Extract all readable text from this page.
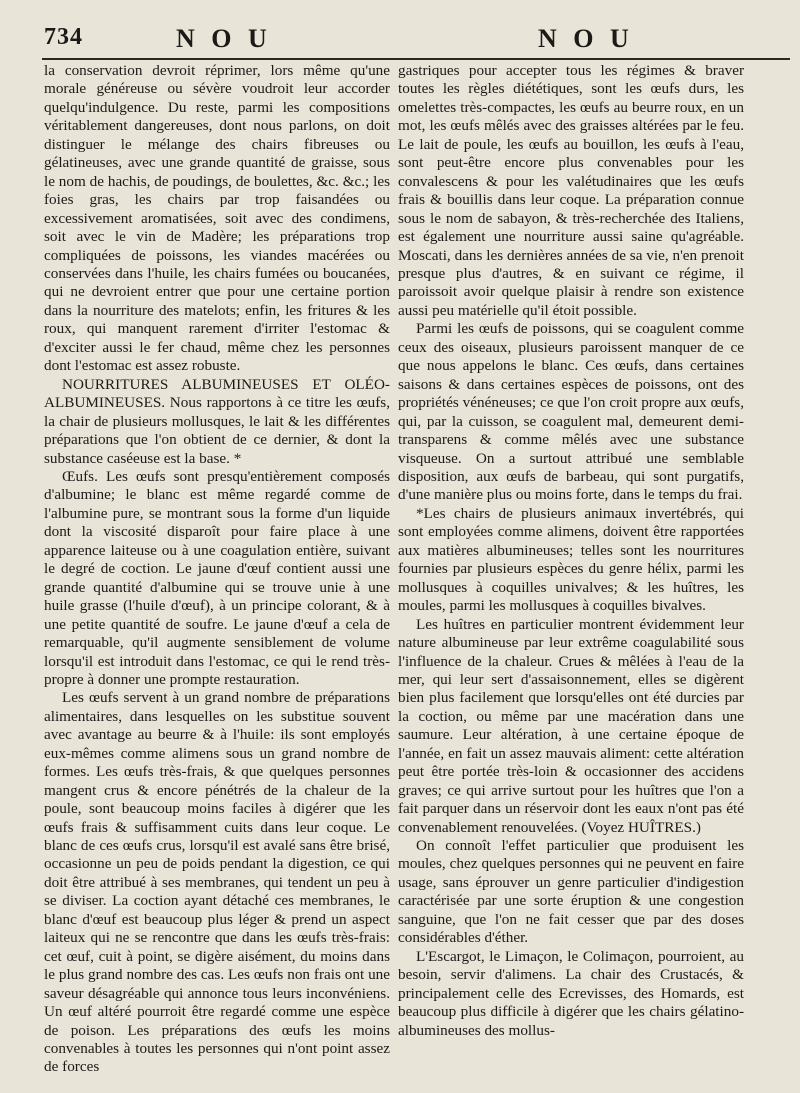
734	N O U	N O U

la conservation devroit réprimer, lors même qu'une morale généreuse ou sévère voudroit leur accorder quelqu'indulgence. Du reste, parmi les compositions véritablement dangereuses, dont nous parlons, on doit distinguer le mélange des chairs fibreuses ou gélatineuses, avec une grande quantité de graisse, sous le nom de hachis, de poudings, de boulettes, &c. &c.; les foies gras, les chairs par trop faisandées ou excessivement aromatisées, soit avec des condimens, soit avec le vin de Madère; les préparations trop compliquées de poissons, les viandes macérées ou conservées dans l'huile, les chairs fumées ou boucanées, qui ne devroient entrer que pour une certaine portion dans la nourriture des matelots; enfin, les fritures & les roux, qui manquent rarement d'irriter l'estomac & d'exciter aussi le fer chaud, même chez les personnes dont l'estomac est assez robuste.

NOURRITURES ALBUMINEUSES ET OLÉO-ALBUMINEUSES. Nous rapportons à ce titre les œufs, la chair de plusieurs mollusques, le lait & les différentes préparations que l'on obtient de ce dernier, & dont la substance caséeuse est la base. *

Œufs. Les œufs sont presqu'entièrement composés d'albumine; le blanc est même regardé comme de l'albumine pure, se montrant sous la forme d'un liquide dont la viscosité disparoît pour faire place à une apparence laiteuse ou à une coagulation entière, suivant le degré de coction. Le jaune d'œuf contient aussi une grande quantité d'albumine qui se trouve unie à une huile grasse (l'huile d'œuf), à un principe colorant, & à une petite quantité de soufre. Le jaune d'œuf a cela de remarquable, qu'il augmente sensiblement de volume lorsqu'il est introduit dans l'estomac, ce qui le rend très-propre à donner une prompte restauration.

Les œufs servent à un grand nombre de préparations alimentaires, dans lesquelles on les substitue souvent avec avantage au beurre & à l'huile: ils sont employés eux-mêmes comme alimens sous un grand nombre de formes. Les œufs très-frais, & que quelques personnes mangent crus & encore pénétrés de la chaleur de la poule, sont beaucoup moins faciles à digérer que les œufs frais & suffisamment cuits dans leur coque. Le blanc de ces œufs crus, lorsqu'il est avalé sans être brisé, occasionne un peu de poids pendant la digestion, ce qui doit être attribué à ses membranes, qui tendent un peu à se diviser. La coction ayant détaché ces membranes, le blanc d'œuf est beaucoup plus léger & prend un aspect laiteux qui ne se rencontre que dans les œufs très-frais: cet œuf, cuit à point, se digère aisément, du moins dans le plus grand nombre des cas. Les œufs non frais ont une saveur désagréable qui annonce tous leurs inconvéniens. Un œuf altéré pourroit être regardé comme une espèce de poison. Les préparations des œufs les moins convenables à toutes les personnes qui n'ont point assez de forces

gastriques pour accepter tous les régimes & braver toutes les règles diététiques, sont les œufs durs, les omelettes très-compactes, les œufs au beurre roux, en un mot, les œufs mêlés avec des graisses altérées par le feu. Le lait de poule, les œufs au bouillon, les œufs à l'eau, sont peut-être encore plus convenables pour les convalescens & pour les valétudinaires que les œufs frais & bouillis dans leur coque. La préparation connue sous le nom de sabayon, & très-recherchée des Italiens, est également une nourriture aussi saine qu'agréable. Moscati, dans les dernières années de sa vie, n'en prenoit presque plus d'autres, & en suivant ce régime, il paroissoit avoir quelque plaisir à rendre son existence aussi peu matérielle qu'il étoit possible.

Parmi les œufs de poissons, qui se coagulent comme ceux des oiseaux, plusieurs paroissent manquer de ce que nous appelons le blanc. Ces œufs, dans certaines saisons & dans certaines espèces de poissons, ont des propriétés vénéneuses; ce que l'on croit propre aux œufs, qui, par la cuisson, se coagulent mal, demeurent demi-transparens & comme mêlés avec une substance visqueuse. On a surtout attribué une semblable disposition, aux œufs de barbeau, qui sont purgatifs, d'une manière plus ou moins forte, dans le temps du frai.

*Les chairs de plusieurs animaux invertébrés, qui sont employées comme alimens, doivent être rapportées aux matières albumineuses; telles sont les nourritures fournies par plusieurs espèces du genre hélix, parmi les mollusques à coquilles univalves; & les huîtres, les moules, parmi les mollusques à coquilles bivalves.

Les huîtres en particulier montrent évidemment leur nature albumineuse par leur extrême coagulabilité sous l'influence de la chaleur. Crues & mêlées à l'eau de la mer, qui leur sert d'assaisonnement, elles se digèrent bien plus facilement que lorsqu'elles ont été durcies par la coction, ou même par une macération dans une saumure. Leur altération, à une certaine époque de l'année, en fait un assez mauvais aliment: cette altération peut être portée très-loin & occasionner des accidens graves; ce qui arrive surtout pour les huîtres que l'on a fait parquer dans un réservoir dont les eaux n'ont pas été convenablement renouvelées. (Voyez HUÎTRES.)

On connoît l'effet particulier que produisent les moules, chez quelques personnes qui ne peuvent en faire usage, sans éprouver un genre particulier d'indigestion caractérisée par une sorte éruption & une congestion sanguine, que l'on ne fait cesser que par des doses considérables d'éther.

L'Escargot, le Limaçon, le Colimaçon, pourroient, au besoin, servir d'alimens. La chair des Crustacés, & principalement celle des Ecrevisses, des Homards, est beaucoup plus difficile à digérer que les chairs gélatino-albumineuses des mollus-
